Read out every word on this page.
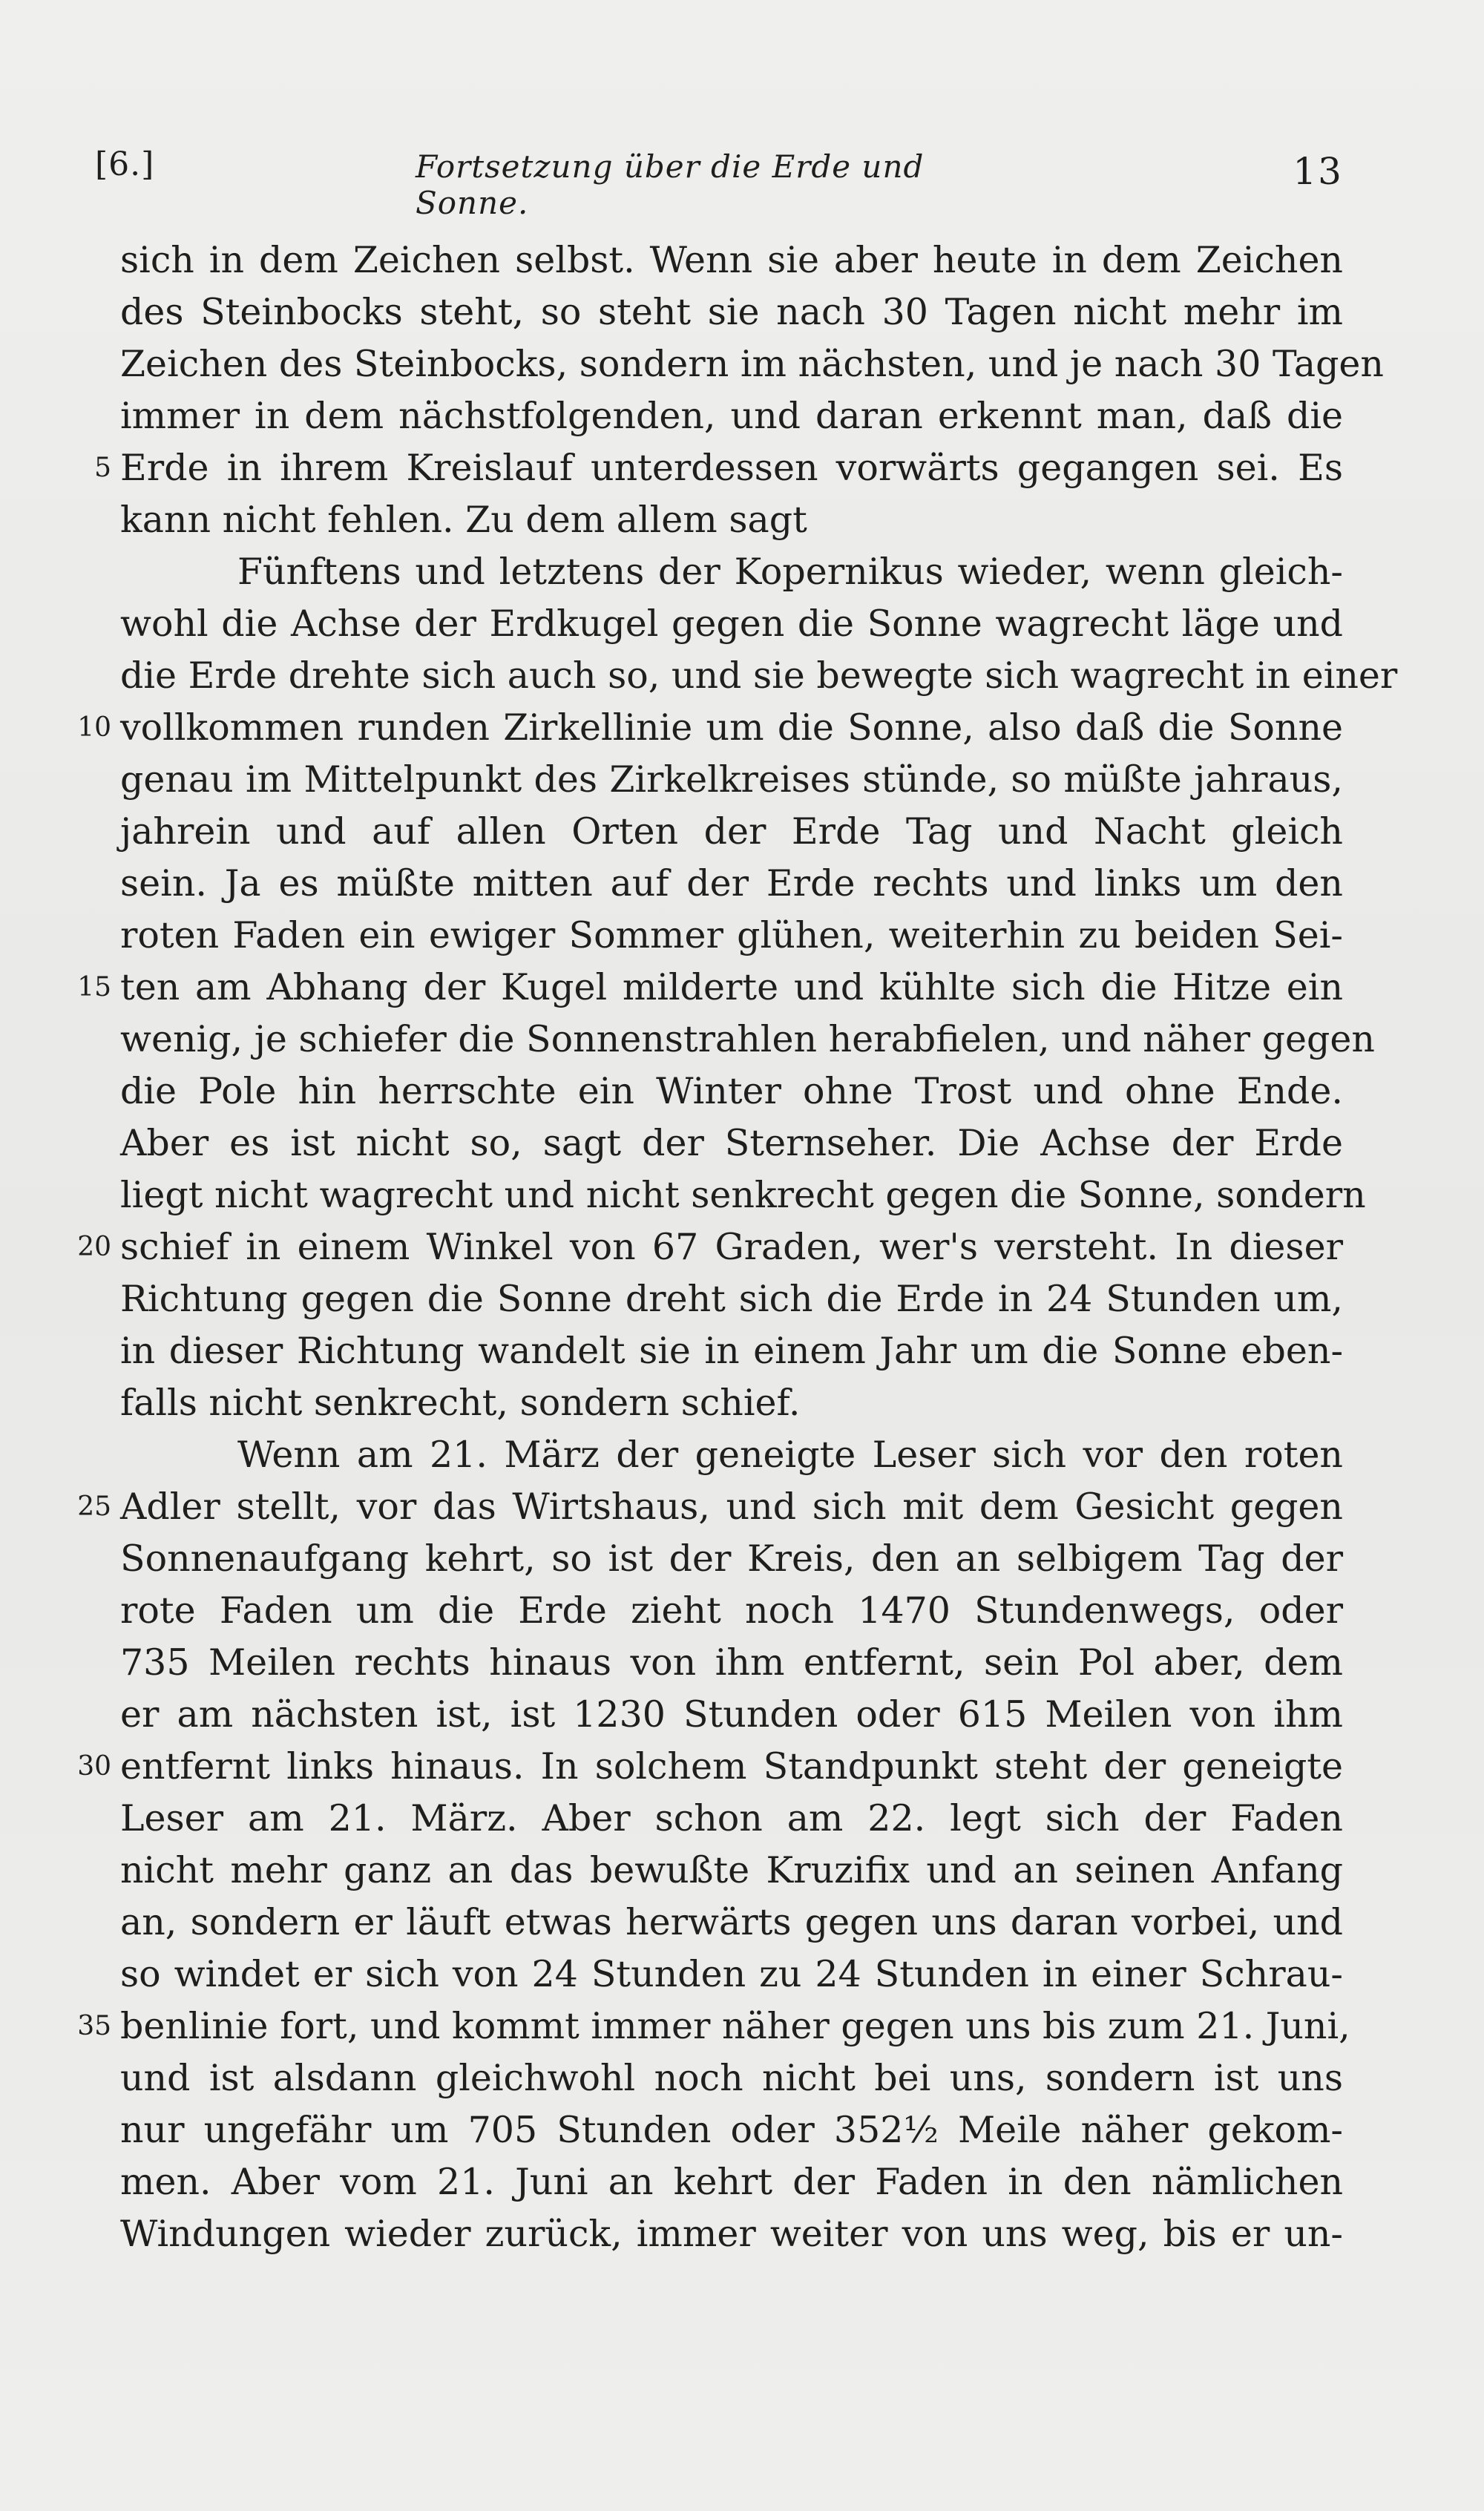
[6.]	Fortsetzung über die Erde und Sonne.
13
sich in dem Zeichen selbst. Wenn sie aber heute in dem Zeichen
des Steinbocks steht, so steht sie nach 30 Tagen nicht mehr im
Zeichen des Steinbocks, sondern im nächsten, und je nach 30 Tagen
immer in dem nächstfolgenden, und daran erkennt man, daß die
5 Erde in ihrem Kreislauf unterdessen vorwärts gegangen sei. Es
kann nicht fehlen. Zu dem allem sagt
Fünftens und letztens der Kopernikus wieder, wenn gleich-
wohl die Achse der Erdkugel gegen die Sonne wagrecht läge und
die Erde drehte sich auch so, und sie bewegte sich wagrecht in einer
10 vollkommen runden Zirkellinie um die Sonne, also daß die Sonne
genau im Mittelpunkt des Zirkelkreises stünde, so müßte jahraus,
jahrein und auf allen Orten der Erde Tag und Nacht gleich
sein. Ja es müßte mitten auf der Erde rechts und links um den
roten Faden ein ewiger Sommer glühen, weiterhin zu beiden Sei-
15 ten am Abhang der Kugel milderte und kühlte sich die Hitze ein
wenig, je schiefer die Sonnenstrahlen herabfielen, und näher gegen
die Pole hin herrschte ein Winter ohne Trost und ohne Ende.
Aber es ist nicht so, sagt der Sternseher. Die Achse der Erde
liegt nicht wagrecht und nicht senkrecht gegen die Sonne, sondern
20 schief in einem Winkel von 67 Graden, wer's versteht. In dieser
Richtung gegen die Sonne dreht sich die Erde in 24 Stunden um,
in dieser Richtung wandelt sie in einem Jahr um die Sonne eben-
falls nicht senkrecht, sondern schief.
Wenn am 21. März der geneigte Leser sich vor den roten
25 Adler stellt, vor das Wirtshaus, und sich mit dem Gesicht gegen
Sonnenaufgang kehrt, so ist der Kreis, den an selbigem Tag der
rote Faden um die Erde zieht noch 1470 Stundenwegs, oder
735 Meilen rechts hinaus von ihm entfernt, sein Pol aber, dem
er am nächsten ist, ist 1230 Stunden oder 615 Meilen von ihm
30 entfernt links hinaus. In solchem Standpunkt steht der geneigte
Leser am 21. März. Aber schon am 22. legt sich der Faden
nicht mehr ganz an das bewußte Kruzifix und an seinen Anfang
an, sondern er läuft etwas herwärts gegen uns daran vorbei, und
so windet er sich von 24 Stunden zu 24 Stunden in einer Schrau-
35 benlinie fort, und kommt immer näher gegen uns bis zum 21. Juni,
und ist alsdann gleichwohl noch nicht bei uns, sondern ist uns
nur ungefähr um 705 Stunden oder 352½ Meile näher gekom-
men. Aber vom 21. Juni an kehrt der Faden in den nämlichen
Windungen wieder zurück, immer weiter von uns weg, bis er un-
